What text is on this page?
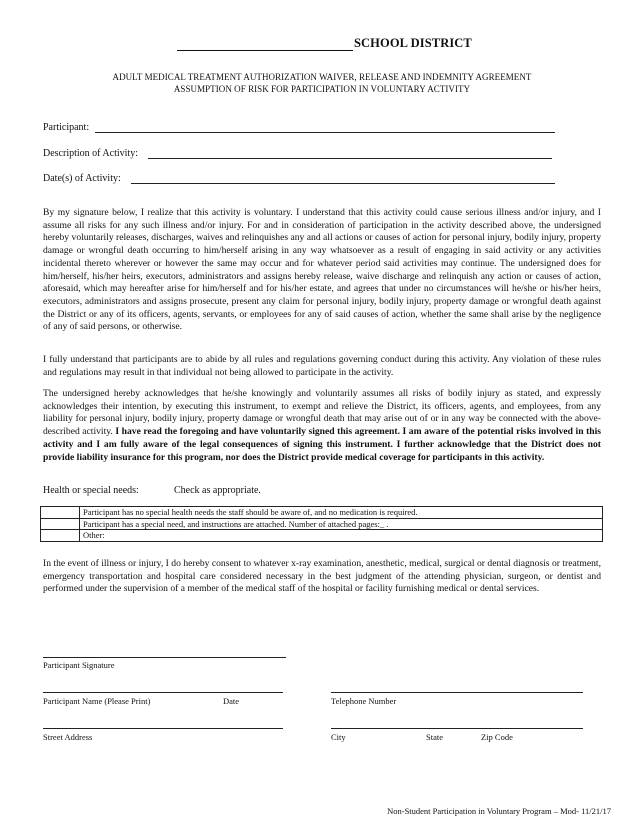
SCHOOL DISTRICT
ADULT MEDICAL TREATMENT AUTHORIZATION WAIVER, RELEASE AND INDEMNITY AGREEMENT
ASSUMPTION OF RISK FOR PARTICIPATION IN VOLUNTARY ACTIVITY
Participant:
Description of Activity:
Date(s) of Activity:

By my signature below, I realize that this activity is voluntary. I understand that this activity could cause serious illness and/or injury, and I assume all risks for any such illness and/or injury. For and in consideration of participation in the activity described above, the undersigned hereby voluntarily releases, discharges, waives and relinquishes any and all actions or causes of action for personal injury, bodily injury, property damage or wrongful death occurring to him/herself arising in any way whatsoever as a result of engaging in said activity or any activities incidental thereto wherever or however the same may occur and for whatever period said activities may continue. The undersigned does for him/herself, his/her heirs, executors, administrators and assigns hereby release, waive discharge and relinquish any action or causes of action, aforesaid, which may hereafter arise for him/herself and for his/her estate, and agrees that under no circumstances will he/she or his/her heirs, executors, administrators and assigns prosecute, present any claim for personal injury, bodily injury, property damage or wrongful death against the District or any of its officers, agents, servants, or employees for any of said causes of action, whether the same shall arise by the negligence of any of said persons, or otherwise.

I fully understand that participants are to abide by all rules and regulations governing conduct during this activity. Any violation of these rules and regulations may result in that individual not being allowed to participate in the activity.

The undersigned hereby acknowledges that he/she knowingly and voluntarily assumes all risks of bodily injury as stated, and expressly acknowledges their intention, by executing this instrument, to exempt and relieve the District, its officers, agents, and employees, from any liability for personal injury, bodily injury, property damage or wrongful death that may arise out of or in any way be connected with the above-described activity. I have read the foregoing and have voluntarily signed this agreement. I am aware of the potential risks involved in this activity and I am fully aware of the legal consequences of signing this instrument. I further acknowledge that the District does not provide liability insurance for this program, nor does the District provide medical coverage for participants in this activity.

Health or special needs:	Check as appropriate.
	Participant has no special health needs the staff should be aware of, and no medication is required.
	Participant has a special need, and instructions are attached. Number of attached pages:_ .
	Other:

In the event of illness or injury, I do hereby consent to whatever x-ray examination, anesthetic, medical, surgical or dental diagnosis or treatment, emergency transportation and hospital care considered necessary in the best judgment of the attending physician, surgeon, or dentist and performed under the supervision of a member of the medical staff of the hospital or facility furnishing medical or dental services.

Participant Signature
Participant Name (Please Print)	Date	Telephone Number
Street Address	City	State	Zip Code
Non-Student Participation in Voluntary Program – Mod- 11/21/17
